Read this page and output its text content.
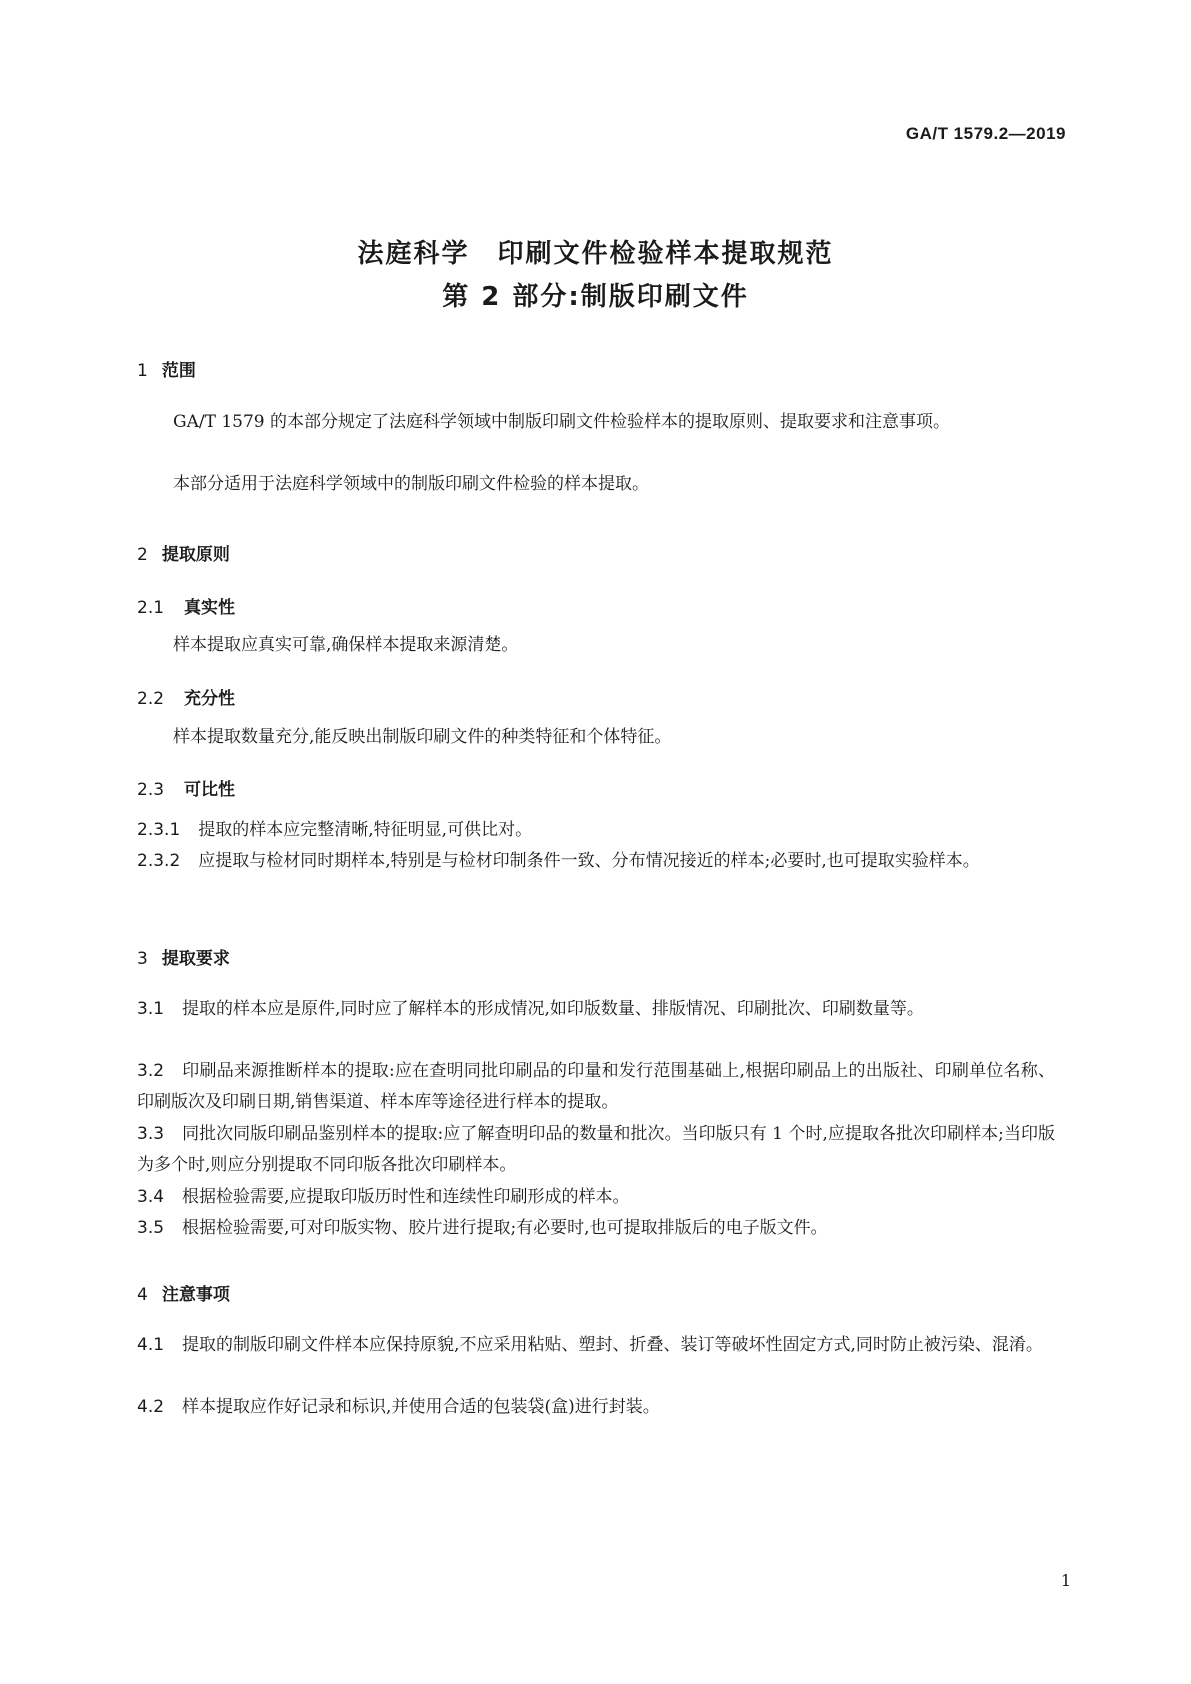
GA/T 1579.2—2019
法庭科学　印刷文件检验样本提取规范
第 2 部分:制版印刷文件
1 范围
GA/T 1579 的本部分规定了法庭科学领域中制版印刷文件检验样本的提取原则、提取要求和注意事项。
本部分适用于法庭科学领域中的制版印刷文件检验的样本提取。
2 提取原则
2.1 真实性
样本提取应真实可靠,确保样本提取来源清楚。
2.2 充分性
样本提取数量充分,能反映出制版印刷文件的种类特征和个体特征。
2.3 可比性
2.3.1 提取的样本应完整清晰,特征明显,可供比对。
2.3.2 应提取与检材同时期样本,特别是与检材印制条件一致、分布情况接近的样本;必要时,也可提取实验样本。
3 提取要求
3.1 提取的样本应是原件,同时应了解样本的形成情况,如印版数量、排版情况、印刷批次、印刷数量等。
3.2 印刷品来源推断样本的提取:应在查明同批印刷品的印量和发行范围基础上,根据印刷品上的出版社、印刷单位名称、印刷版次及印刷日期,销售渠道、样本库等途径进行样本的提取。
3.3 同批次同版印刷品鉴别样本的提取:应了解查明印品的数量和批次。当印版只有 1 个时,应提取各批次印刷样本;当印版为多个时,则应分别提取不同印版各批次印刷样本。
3.4 根据检验需要,应提取印版历时性和连续性印刷形成的样本。
3.5 根据检验需要,可对印版实物、胶片进行提取;有必要时,也可提取排版后的电子版文件。
4 注意事项
4.1 提取的制版印刷文件样本应保持原貌,不应采用粘贴、塑封、折叠、装订等破坏性固定方式,同时防止被污染、混淆。
4.2 样本提取应作好记录和标识,并使用合适的包装袋(盒)进行封装。
1
